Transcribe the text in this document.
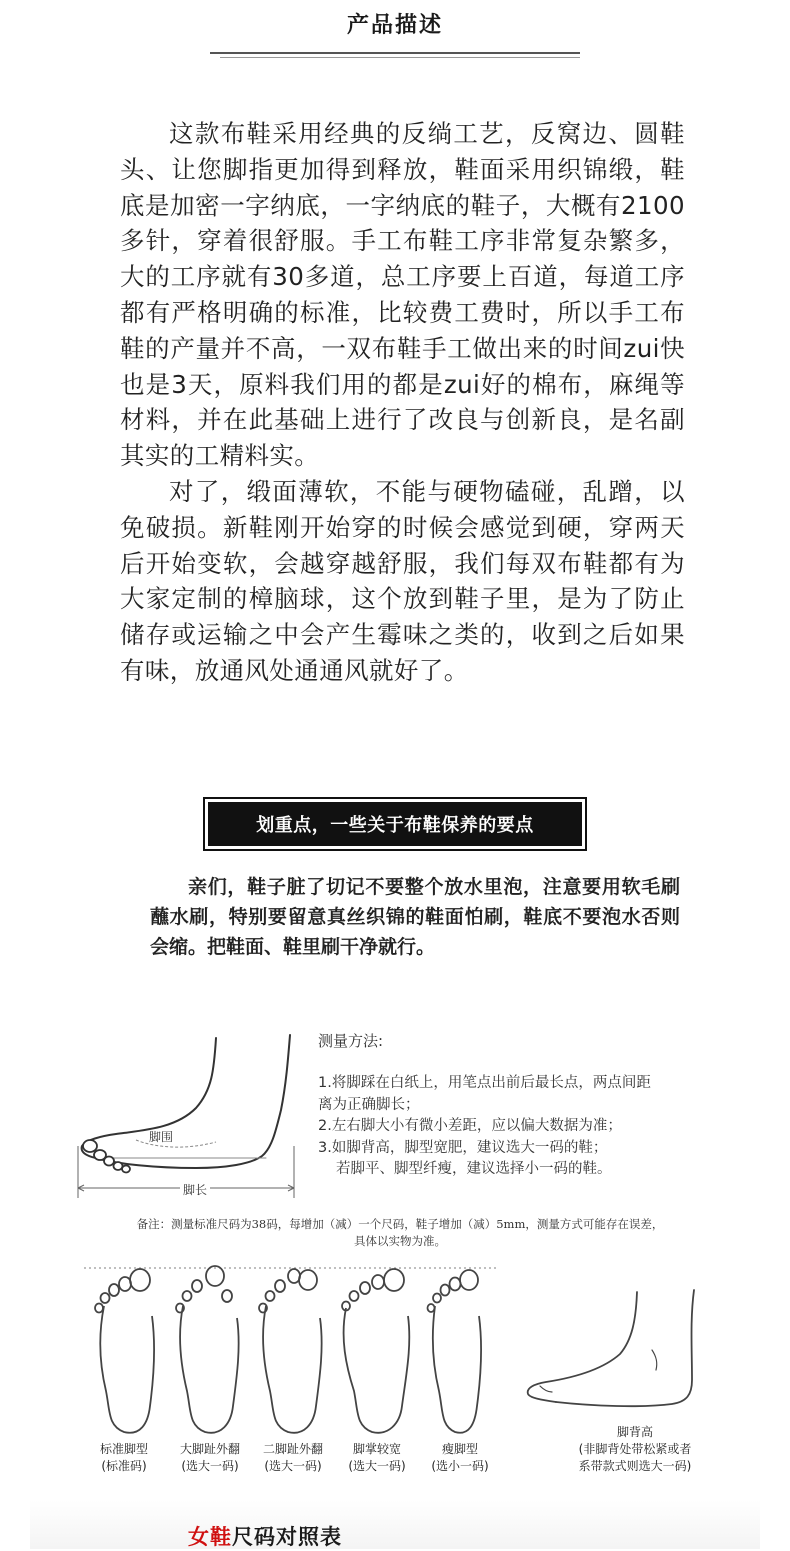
产品描述

这款布鞋采用经典的反绱工艺，反窝边、圆鞋头、让您脚指更加得到释放，鞋面采用织锦缎，鞋底是加密一字纳底，一字纳底的鞋子，大概有2100多针，穿着很舒服。手工布鞋工序非常复杂繁多，大的工序就有30多道，总工序要上百道，每道工序都有严格明确的标准，比较费工费时，所以手工布鞋的产量并不高，一双布鞋手工做出来的时间zui快也是3天，原料我们用的都是zui好的棉布，麻绳等材料，并在此基础上进行了改良与创新良，是名副其实的工精料实。

对了，缎面薄软，不能与硬物磕碰，乱蹭，以免破损。新鞋刚开始穿的时候会感觉到硬，穿两天后开始变软，会越穿越舒服，我们每双布鞋都有为大家定制的樟脑球，这个放到鞋子里，是为了防止储存或运输之中会产生霉味之类的，收到之后如果有味，放通风处通通风就好了。

划重点，一些关于布鞋保养的要点

亲们，鞋子脏了切记不要整个放水里泡，注意要用软毛刷蘸水刷，特别要留意真丝织锦的鞋面怕刷，鞋底不要泡水否则会缩。把鞋面、鞋里刷干净就行。

脚围
脚长
测量方法:
1.将脚踩在白纸上，用笔点出前后最长点，两点间距
离为正确脚长；
2.左右脚大小有微小差距，应以偏大数据为准；
3.如脚背高，脚型宽肥，建议选大一码的鞋；
若脚平、脚型纤瘦，建议选择小一码的鞋。
备注：测量标准尺码为38码，每增加（减）一个尺码，鞋子增加（减）5mm，测量方式可能存在误差，
具体以实物为准。
标准脚型
(标准码)
大脚趾外翻
(选大一码)
二脚趾外翻
(选大一码)
脚掌较宽
(选大一码)
瘦脚型
(选小一码)
脚背高
(非脚背处带松紧或者
系带款式则选大一码)
女鞋尺码对照表
